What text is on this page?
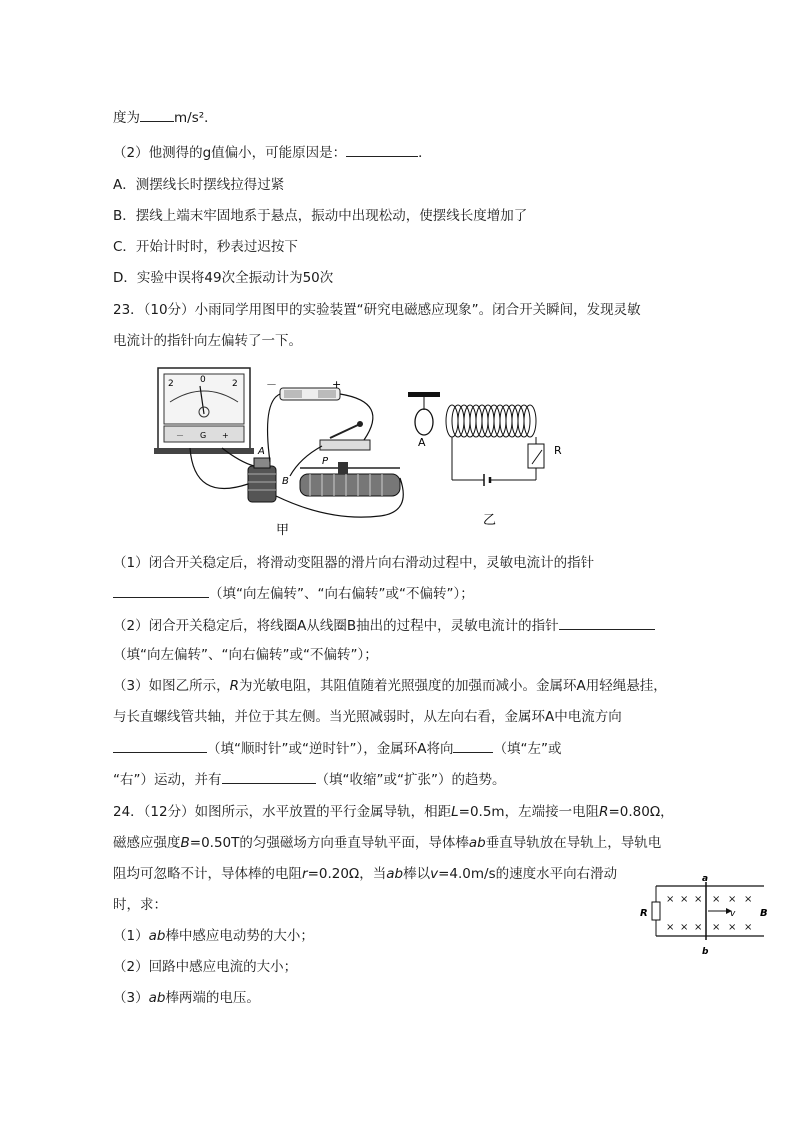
度为	m/s²．
（2）他测得的g值偏小，可能原因是：	．
A．测摆线长时摆线拉得过紧
B．摆线上端末牢固地系于悬点，振动中出现松动，使摆线长度增加了
C．开始计时时，秒表过迟按下
D．实验中误将49次全振动计为50次
23．（10分）小雨同学用图甲的实验装置“研究电磁感应现象”。闭合开关瞬间，发现灵敏
电流计的指针向左偏转了一下。
2	0	2
－ G +
－	+
P
A
B
甲
A
R
乙
（1）闭合开关稳定后，将滑动变阻器的滑片向右滑动过程中，灵敏电流计的指针
（填“向左偏转”、“向右偏转”或“不偏转”）；
（2）闭合开关稳定后，将线圈A从线圈B抽出的过程中，灵敏电流计的指针
（填“向左偏转”、“向右偏转”或“不偏转”）；
（3）如图乙所示，R为光敏电阻，其阻值随着光照强度的加强而减小。金属环A用轻绳悬挂，
与长直螺线管共轴，并位于其左侧。当光照减弱时，从左向右看，金属环A中电流方向
（填“顺时针”或“逆时针”），金属环A将向	（填“左”或
“右”）运动，并有	（填“收缩”或“扩张”）的趋势。
24．（12分）如图所示，水平放置的平行金属导轨，相距L=0.5m，左端接一电阻R=0.80Ω，
磁感应强度B=0.50T的匀强磁场方向垂直导轨平面，导体棒ab垂直导轨放在导轨上，导轨电
阻均可忽略不计，导体棒的电阻r=0.20Ω，当ab棒以v=4.0m/s的速度水平向右滑动
时，求：
（1）ab棒中感应电动势的大小；
（2）回路中感应电流的大小；
（3）ab棒两端的电压。
R
a
b
v B
× × × × × ×
× × × × × ×
